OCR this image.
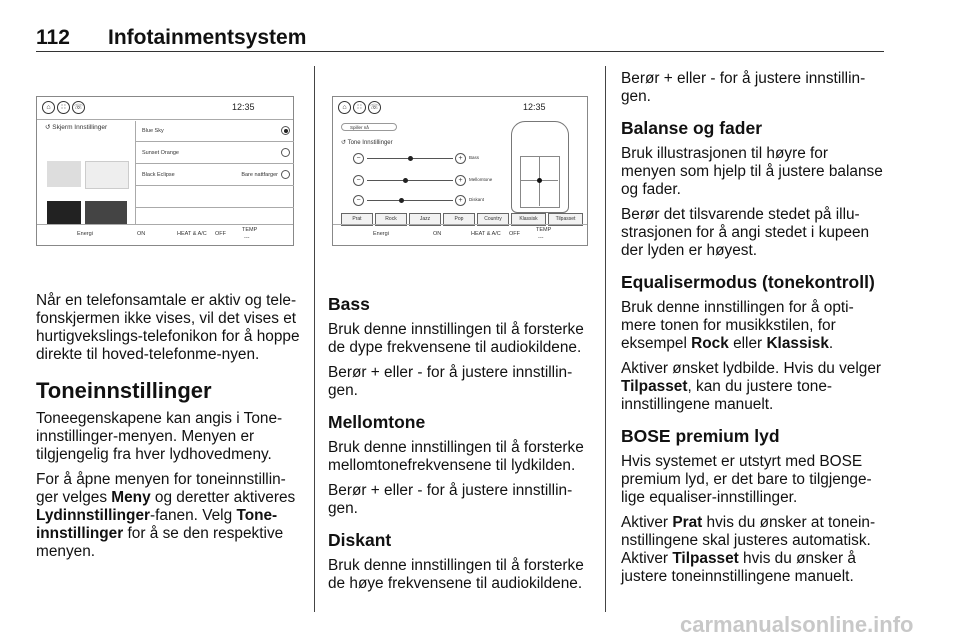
112 Infotainmentsystem
⌂	∷	☏	12:35
↺ Skjerm Innstillinger	Blue Sky
Sunset Orange
Black Eclipse	Bare nattfarger
Energi	ON	HEAT & A/C OFF
TEMP
---
⌂	∷	☏	12:35
Spiller nå
↺ Tone Innstillinger
−	+	Bass
−	+	Mellomtone
−	+	Diskant
Prat	Rock	Jazz	Pop	Country	Klassisk	Tilpasset
Energi	ON	HEAT & A/C OFF
TEMP
---

Når en telefonsamtale er aktiv og tele-fonskjermen ikke vises, vil det vises et hurtigvekslings-telefonikon for å hoppe direkte til hoved-telefonme-nyen.

Toneinnstillinger

Toneegenskapene kan angis i Tone-innstillinger-menyen. Menyen er tilgjengelig fra hver lydhovedmeny.

For å åpne menyen for toneinnstillin-ger velges Meny og deretter aktiveres Lydinnstillinger-fanen. Velg Tone-innstillinger for å se den respektive menyen.

Bass

Bruk denne innstillingen til å forsterke de dype frekvensene til audiokildene.

Berør + eller - for å justere innstillin-gen.

Mellomtone

Bruk denne innstillingen til å forsterke mellomtonefrekvensene til lydkilden.

Berør + eller - for å justere innstillin-gen.

Diskant

Bruk denne innstillingen til å forsterke de høye frekvensene til audiokildene.

Berør + eller - for å justere innstillin-gen.

Balanse og fader

Bruk illustrasjonen til høyre for menyen som hjelp til å justere balanse og fader.

Berør det tilsvarende stedet på illu-strasjonen for å angi stedet i kupeen der lyden er høyest.

Equalisermodus (tonekontroll)

Bruk denne innstillingen for å opti-mere tonen for musikkstilen, for eksempel Rock eller Klassisk.

Aktiver ønsket lydbilde. Hvis du velger Tilpasset, kan du justere tone-innstillingene manuelt.

BOSE premium lyd

Hvis systemet er utstyrt med BOSE premium lyd, er det bare to tilgjenge-lige equaliser-innstillinger.

Aktiver Prat hvis du ønsker at tonein-nstillingene skal justeres automatisk. Aktiver Tilpasset hvis du ønsker å justere toneinnstillingene manuelt.

carmanualsonline.info
